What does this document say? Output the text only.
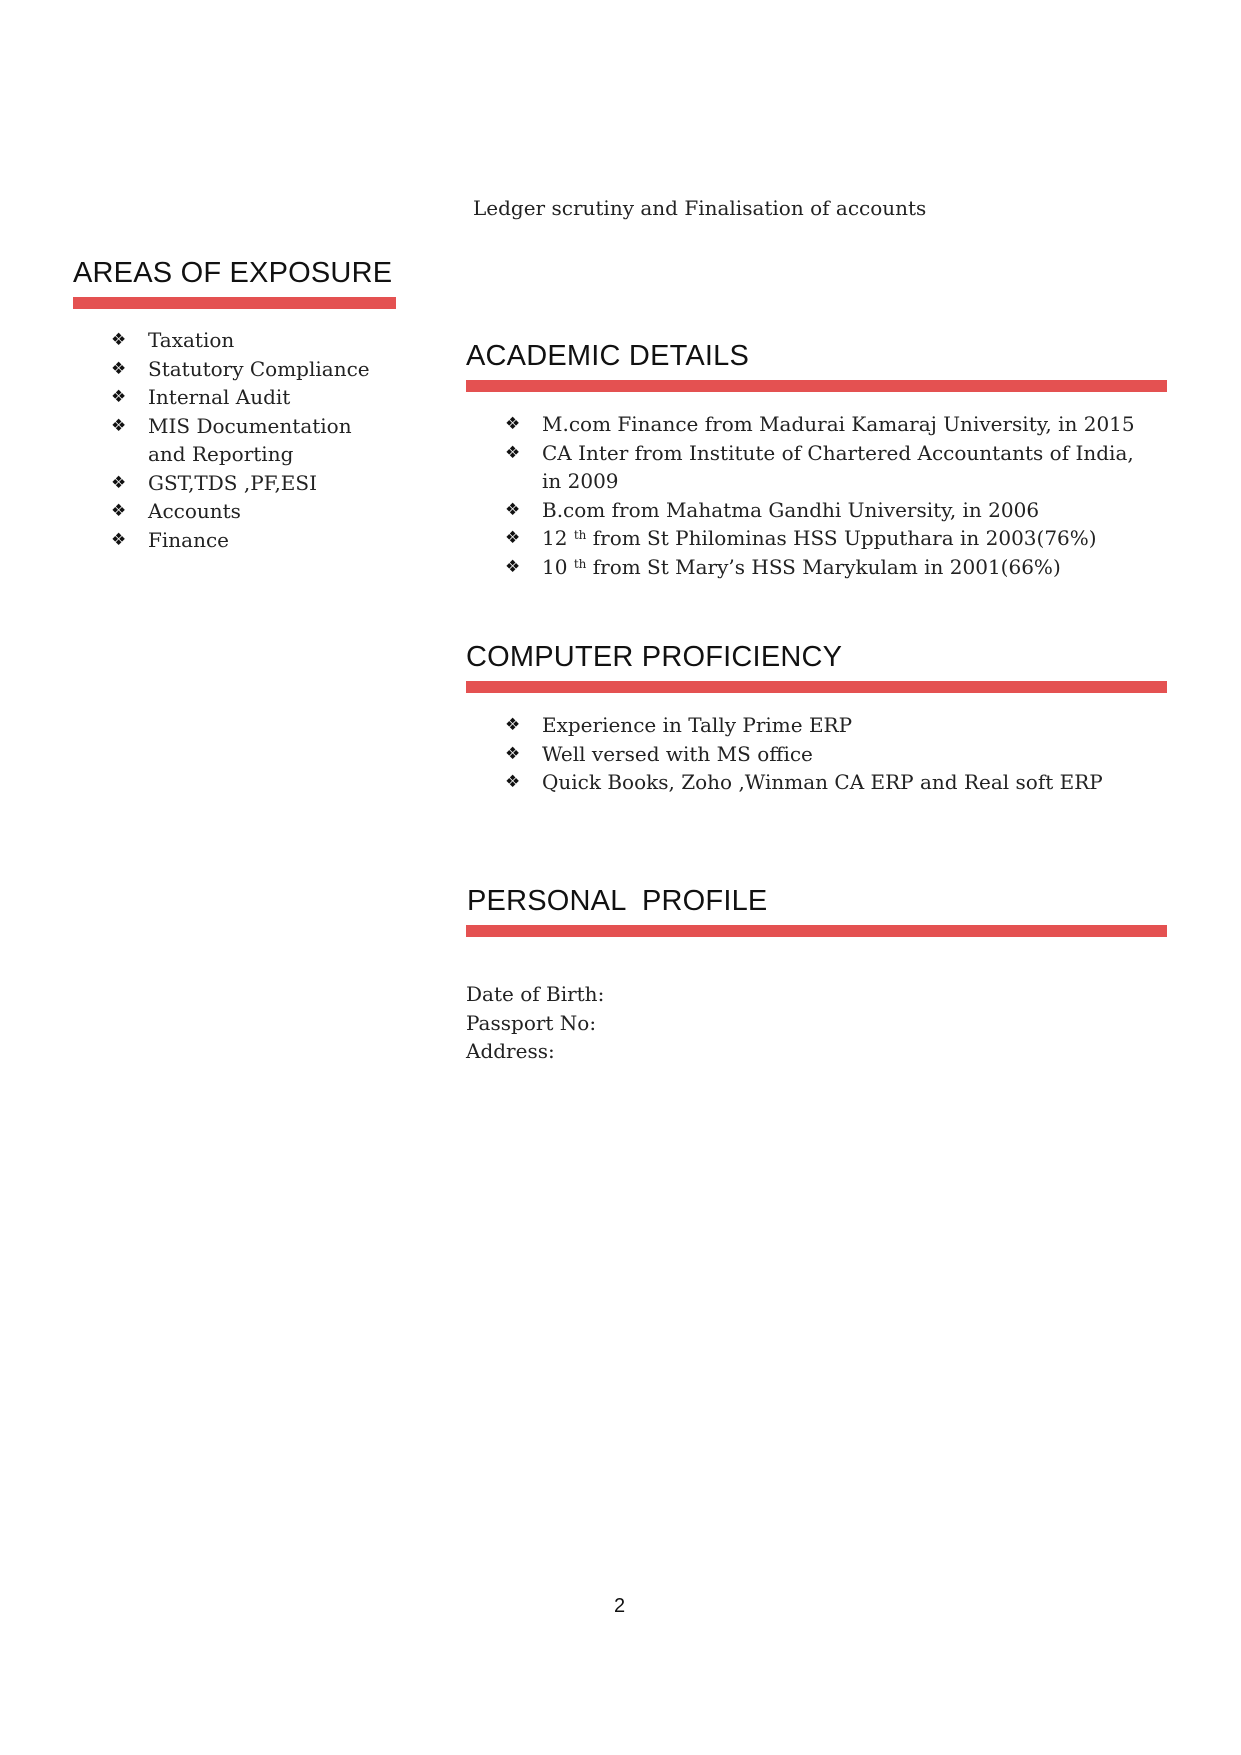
Ledger scrutiny and Finalisation of accounts
AREAS OF EXPOSURE
❖ Taxation
❖ Statutory Compliance
❖ Internal Audit
❖ MIS Documentation and Reporting
❖ GST,TDS ,PF,ESI
❖ Accounts
❖ Finance
ACADEMIC DETAILS
❖ M.com Finance from Madurai Kamaraj University, in 2015
❖ CA Inter from Institute of Chartered Accountants of India, in 2009
❖ B.com from Mahatma Gandhi University, in 2006
❖ 12 $^{th}$ from St Philominas HSS Upputhara in 2003(76%)
❖ 10 $^{th}$ from St Mary’s HSS Marykulam in 2001(66%)
COMPUTER PROFICIENCY
❖ Experience in Tally Prime ERP
❖ Well versed with MS office
❖ Quick Books, Zoho ,Winman CA ERP and Real soft ERP
PERSONAL  PROFILE
Date of Birth:
Passport No:
Address:
2
